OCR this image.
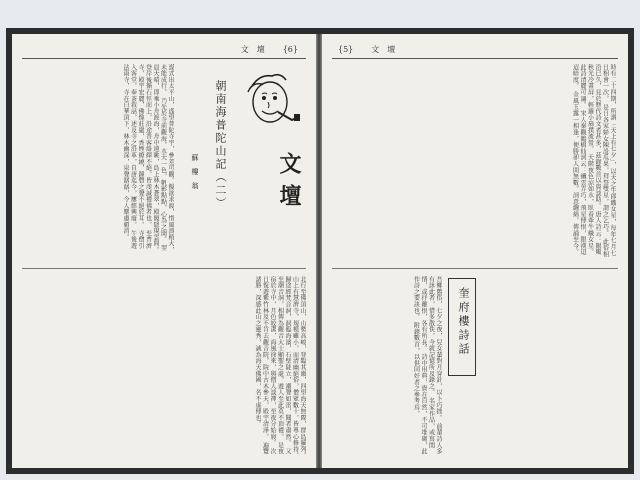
文　壇 {6}
謀式出太平山，遙望普陀寺宇，參差可觀。擬欲求渡，惜風浪稍大，未能成行。 乃先於寺前觀海，水天一色，帆影點點，心為之開。 翌晨天晴，即乘小舟渡海，舟中遠眺，島上林木蒼翠，殿閣隱現雲間。 登岸後循石徑而上，沿途香客絡繹不絕，皆虔誠禮佛者也。 至普濟寺，殿宇宏麗，佛像莊嚴，香煙繚繞，鐘磬之聲不絕於耳。 寺僧引入客堂，奉茶敘話，述及寺之沿革，自唐迄今，屢經興廢。 午後遊法雨寺，寺在白華頂下，林木幽深，泉聲潺潺，令人塵慮頓消。	蘇　樓　翁 朝南海普陀山記（二） 文壇
北行至佛頂山，山勢高峻，登臨其巔，四望海天無際，群島羅列。 山上有慧濟寺，規模雖小，而清幽絕俗，僧眾數十，皆專心修持。 歸途經梵音洞，洞臨海濱，石壁陡立，潮聲如雷，聞者肅然。 又至潮音洞，相傳為觀音大士顯聖之處，遊人至此莫不頂禮。 是夜宿於寺中，月色皎潔，海風徐來，與僧人談禪，至夜分始寢。 次日復遊紫竹林及不肯去觀音院，院中古木參天，殿宇清淨。 遍覽諸勝，深感此山之靈秀，誠為海天佛國，名不虛傳也。
{5} 文　壇
時有二十四期，所謂「天上有七夕」，以天之牛郎織女星，每年七月七日相會一次。 是日各家婦女陳設瓜果，拜祭雙星，謂之乞巧。 此俗相沿已久，見於歷代詩文者甚多，茲錄數首以資談助。 唐人詩云：銀燭秋光冷畫屏，輕羅小扇撲流螢。 天階夜色涼如水，臥看牽牛織女星。此詩清麗可誦。 宋人秦觀鵲橋仙詞云：纖雲弄巧，飛星傳恨，銀漢迢迢暗度。 金風玉露一相逢，便勝卻人間無數。詞意纏綿，傳誦至今。
吾鄉舊俗，七夕之夜，兒女輩對月穿針，以卜巧拙。 前輩詩人多有詠此者，惜多散佚，今就記憶所及錄之。 名家作品，或寫閨情，或抒離恨，各有所長。 詩中用典，貴在自然，不可堆砌，此作詩之要訣也。 附錄數首，以供同好者之參考焉。
奎府樓詩話
